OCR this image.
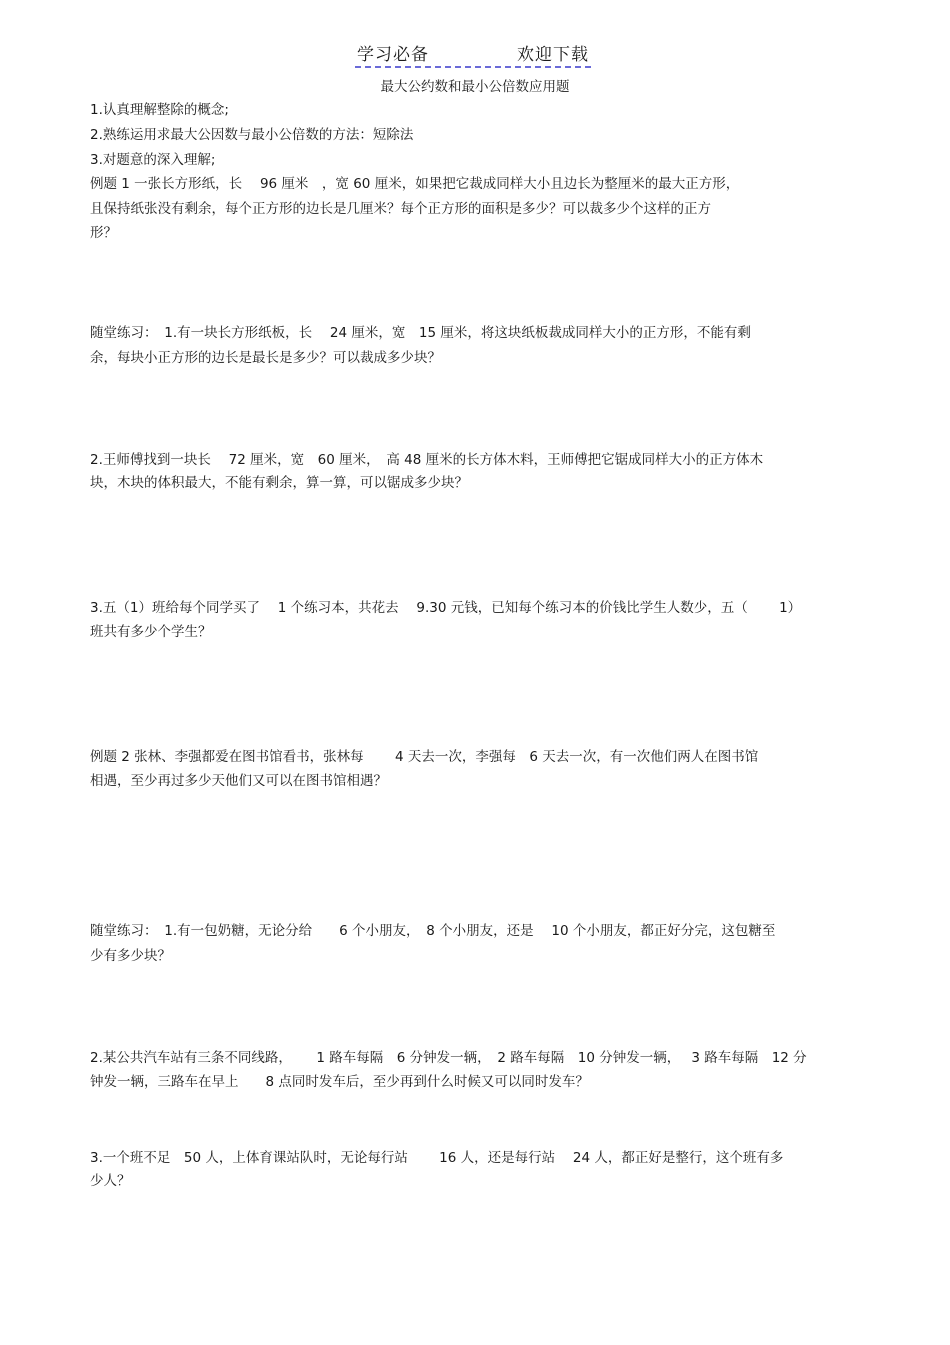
学习必备	欢迎下载
最大公约数和最小公倍数应用题
1.认真理解整除的概念;
2.熟练运用求最大公因数与最小公倍数的方法：短除法
3.对题意的深入理解;
例题 1 一张长方形纸，长　 96 厘米　，宽 60 厘米，如果把它裁成同样大小且边长为整厘米的最大正方形，
且保持纸张没有剩余，每个正方形的边长是几厘米？每个正方形的面积是多少？可以裁多少个这样的正方
形？
随堂练习：　1.有一块长方形纸板，长　 24 厘米，宽　15 厘米，将这块纸板裁成同样大小的正方形，不能有剩
余，每块小正方形的边长是最长是多少？可以裁成多少块？
2.王师傅找到一块长　 72 厘米，宽　60 厘米，　高 48 厘米的长方体木料，王师傅把它锯成同样大小的正方体木
块，木块的体积最大，不能有剩余，算一算，可以锯成多少块？
3.五（1）班给每个同学买了　 1 个练习本，共花去　 9.30 元钱，已知每个练习本的价钱比学生人数少，五（　　 1）
班共有多少个学生？
例题 2 张林、李强都爱在图书馆看书，张林每　　 4 天去一次，李强每　6 天去一次，有一次他们两人在图书馆
相遇，至少再过多少天他们又可以在图书馆相遇？
随堂练习：　1.有一包奶糖，无论分给　　6 个小朋友，　8 个小朋友，还是　 10 个小朋友，都正好分完，这包糖至
少有多少块？
2.某公共汽车站有三条不同线路，　　 1 路车每隔　6 分钟发一辆，　2 路车每隔　10 分钟发一辆，　 3 路车每隔　12 分
钟发一辆，三路车在早上　　8 点同时发车后，至少再到什么时候又可以同时发车？
3.一个班不足　50 人，上体育课站队时，无论每行站　　 16 人，还是每行站　 24 人，都正好是整行，这个班有多
少人？
